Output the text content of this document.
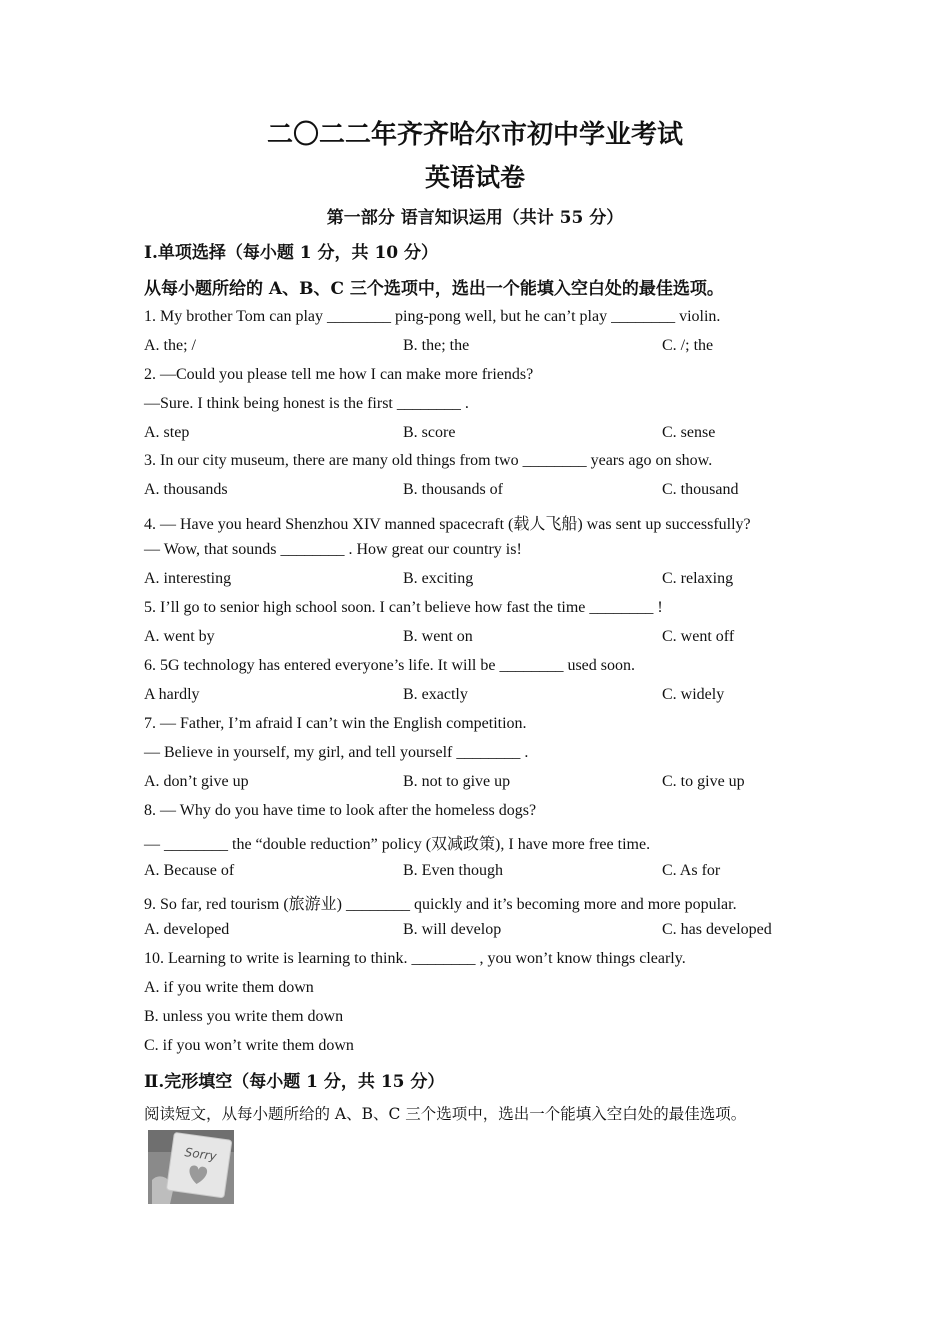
二〇二二年齐齐哈尔市初中学业考试
英语试卷
第一部分 语言知识运用（共计 55 分）
Ⅰ.单项选择（每小题 1 分，共 10 分）
从每小题所给的 A、B、C 三个选项中，选出一个能填入空白处的最佳选项。
1. My brother Tom can play ________ ping-pong well, but he can’t play ________ violin.
A. the; /	B. the; the	C. /; the
2. —Could you please tell me how I can make more friends?
—Sure. I think being honest is the first ________ .
A. step	B. score	C. sense
3. In our city museum, there are many old things from two ________ years ago on show.
A. thousands	B. thousands of	C. thousand
4. — Have you heard Shenzhou XIV manned spacecraft (载人飞船) was sent up successfully?
— Wow, that sounds ________ . How great our country is!
A. interesting	B. exciting	C. relaxing
5. I’ll go to senior high school soon. I can’t believe how fast the time ________ !
A. went by	B. went on	C. went off
6. 5G technology has entered everyone’s life. It will be ________ used soon.
A hardly	B. exactly	C. widely
7. — Father, I’m afraid I can’t win the English competition.
— Believe in yourself, my girl, and tell yourself ________ .
A. don’t give up	B. not to give up	C. to give up
8. — Why do you have time to look after the homeless dogs?
— ________ the “double reduction” policy (双减政策), I have more free time.
A. Because of	B. Even though	C. As for
9. So far, red tourism (旅游业) ________ quickly and it’s becoming more and more popular.
A. developed	B. will develop	C. has developed
10. Learning to write is learning to think. ________ , you won’t know things clearly.
A. if you write them down
B. unless you write them down
C. if you won’t write them down
Ⅱ.完形填空（每小题 1 分，共 15 分）
阅读短文，从每小题所给的 A、B、C 三个选项中，选出一个能填入空白处的最佳选项。
Sorry
